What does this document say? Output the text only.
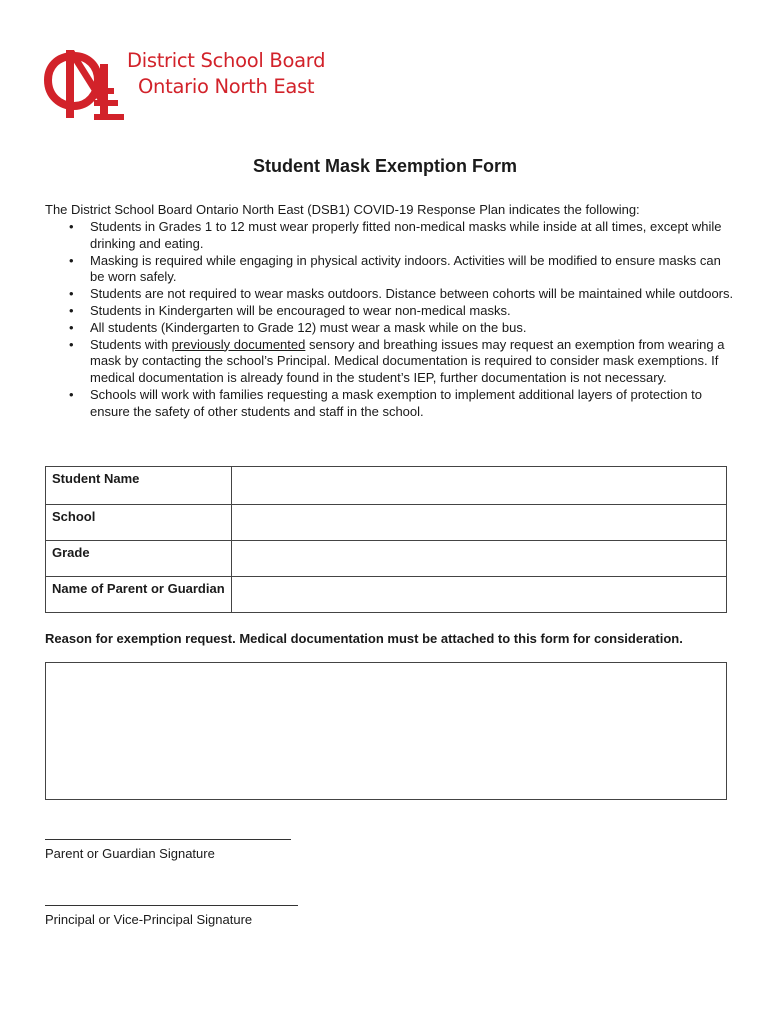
District School Board
Ontario North East
Student Mask Exemption Form
The District School Board Ontario North East (DSB1) COVID-19 Response Plan indicates the following:
• Students in Grades 1 to 12 must wear properly fitted non-medical masks while inside at all times, except while drinking and eating.
• Masking is required while engaging in physical activity indoors. Activities will be modified to ensure masks can be worn safely.
• Students are not required to wear masks outdoors. Distance between cohorts will be maintained while outdoors.
• Students in Kindergarten will be encouraged to wear non-medical masks.
• All students (Kindergarten to Grade 12) must wear a mask while on the bus.
• Students with previously documented sensory and breathing issues may request an exemption from wearing a mask by contacting the school’s Principal. Medical documentation is required to consider mask exemptions. If medical documentation is already found in the student’s IEP, further documentation is not necessary.
• Schools will work with families requesting a mask exemption to implement additional layers of protection to ensure the safety of other students and staff in the school.
Student Name	
School	
Grade	
Name of Parent or Guardian	
Reason for exemption request. Medical documentation must be attached to this form for consideration.
Parent or Guardian Signature
Principal or Vice-Principal Signature
